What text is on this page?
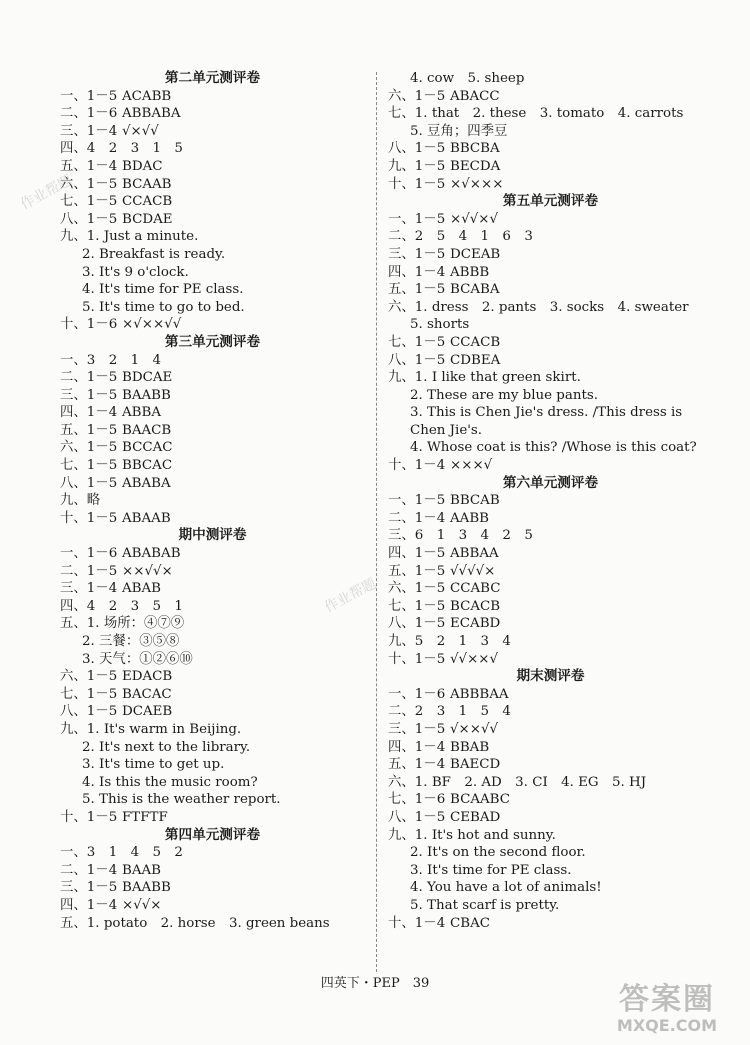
第二单元测评卷
一、1－5 ACABB
二、1－6 ABBABA
三、1－4 √×√√
四、4　2　3　1　5
五、1－4 BDAC
六、1－5 BCAAB
七、1－5 CCACB
八、1－5 BCDAE
九、1. Just a minute.
2. Breakfast is ready.
3. It's 9 o'clock.
4. It's time for PE class.
5. It's time to go to bed.
十、1－6 ×√××√√
第三单元测评卷
一、3　2　1　4
二、1－5 BDCAE
三、1－5 BAABB
四、1－4 ABBA
五、1－5 BAACB
六、1－5 BCCAC
七、1－5 BBCAC
八、1－5 ABABA
九、略
十、1－5 ABAAB
期中测评卷
一、1－6 ABABAB
二、1－5 ××√√×
三、1－4 ABAB
四、4　2　3　5　1
五、1. 场所：④⑦⑨
2. 三餐：③⑤⑧
3. 天气：①②⑥⑩
六、1－5 EDACB
七、1－5 BACAC
八、1－5 DCAEB
九、1. It's warm in Beijing.
2. It's next to the library.
3. It's time to get up.
4. Is this the music room?
5. This is the weather report.
十、1－5 FTFTF
第四单元测评卷
一、3　1　4　5　2
二、1－4 BAAB
三、1－5 BAABB
四、1－4 ×√√×
五、1. potato　2. horse　3. green beans
4. cow　5. sheep
六、1－5 ABACC
七、1. that　2. these　3. tomato　4. carrots
5. 豆角；四季豆
八、1－5 BBCBA
九、1－5 BECDA
十、1－5 ×√×××
第五单元测评卷
一、1－5 ×√√×√
二、2　5　4　1　6　3
三、1－5 DCEAB
四、1－4 ABBB
五、1－5 BCABA
六、1. dress　2. pants　3. socks　4. sweater
5. shorts
七、1－5 CCACB
八、1－5 CDBEA
九、1. I like that green skirt.
2. These are my blue pants.
3. This is Chen Jie's dress. /This dress is
Chen Jie's.
4. Whose coat is this? /Whose is this coat?
十、1－4 ×××√
第六单元测评卷
一、1－5 BBCAB
二、1－4 AABB
三、6　1　3　4　2　5
四、1－5 ABBAA
五、1－5 √√√√×
六、1－5 CCABC
七、1－5 BCACB
八、1－5 ECABD
九、5　2　1　3　4
十、1－5 √√××√
期末测评卷
一、1－6 ABBBAA
二、2　3　1　5　4
三、1－5 √××√√
四、1－4 BBAB
五、1－4 BAECD
六、1. BF　2. AD　3. CI　4. EG　5. HJ
七、1－6 BCAABC
八、1－5 CEBAD
九、1. It's hot and sunny.
2. It's on the second floor.
3. It's time for PE class.
4. You have a lot of animals!
5. That scarf is pretty.
十、1－4 CBAC
四英下・PEP　39
作业帮题
作业帮题
答案圈
MXQE.COM
